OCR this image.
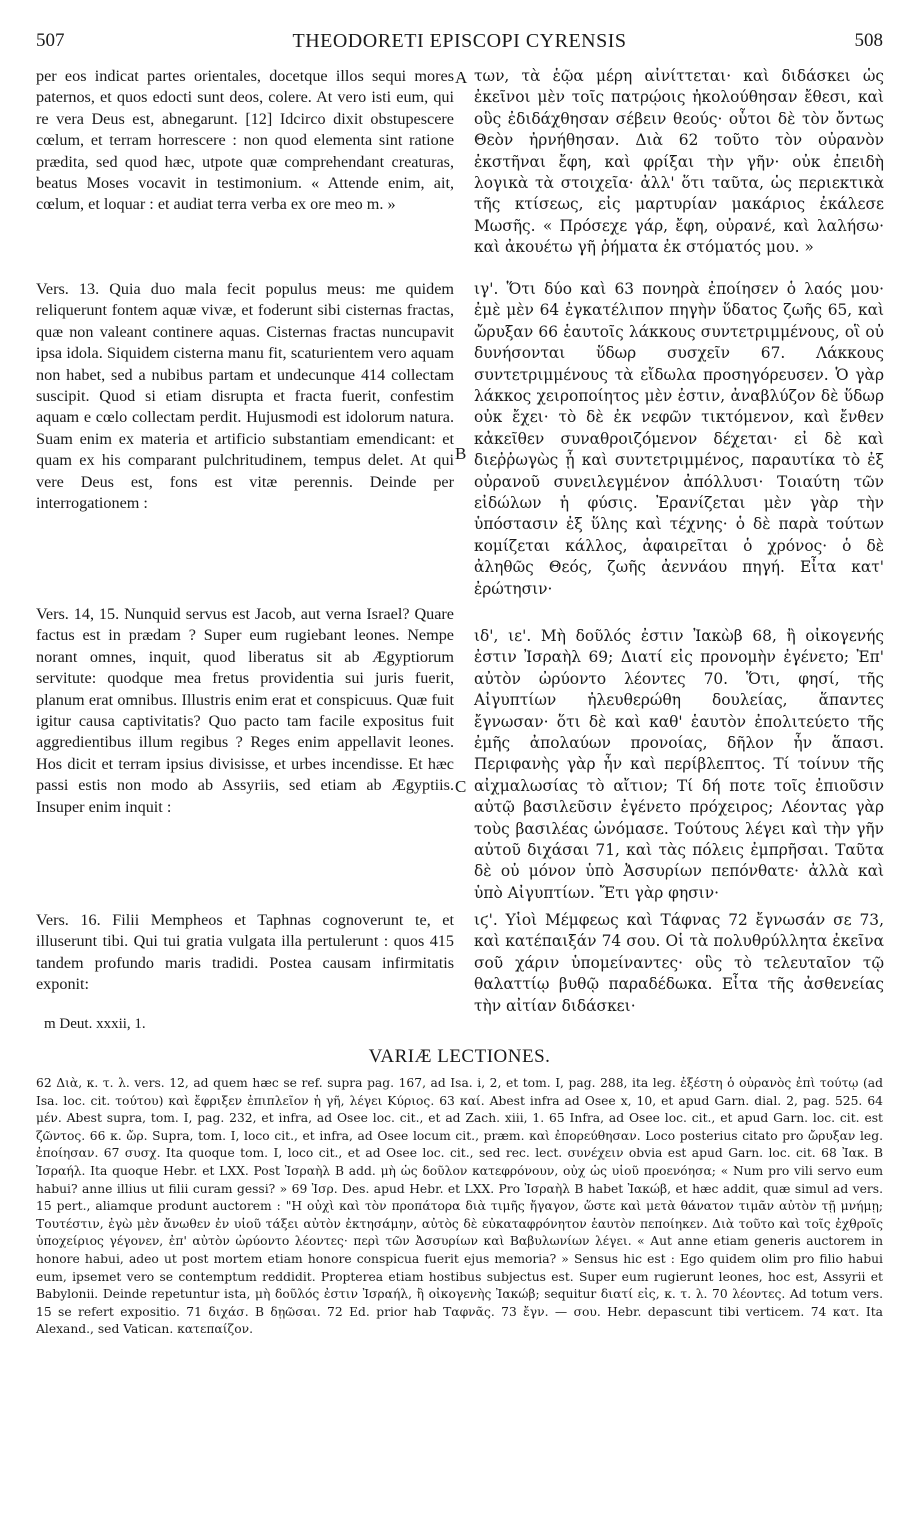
507	THEODORETI EPISCOPI CYRENSIS	508

per eos indicat partes orientales, docetque illos sequi mores paternos, et quos edocti sunt deos, colere. At vero isti eum, qui re vera Deus est, abnegarunt. [12] Idcirco dixit obstupescere cœlum, et terram horrescere : non quod elementa sint ratione prædita, sed quod hæc, utpote quæ comprehendant creaturas, beatus Moses vocavit in testimonium. « Attende enim, ait, cœlum, et loquar : et audiat terra verba ex ore meo m. »

Vers. 13. Quia duo mala fecit populus meus: me quidem reliquerunt fontem aquæ vivæ, et foderunt sibi cisternas fractas, quæ non valeant continere aquas. Cisternas fractas nuncupavit ipsa idola. Siquidem cisterna manu fit, scaturientem vero aquam non habet, sed a nubibus partam et undecunque 414 collectam suscipit. Quod si etiam disrupta et fracta fuerit, confestim aquam e cœlo collectam perdit. Hujusmodi est idolorum natura. Suam enim ex materia et artificio substantiam emendicant: et quam ex his comparant pulchritudinem, tempus delet. At qui vere Deus est, fons est vitæ perennis. Deinde per interrogationem :

Vers. 14, 15. Nunquid servus est Jacob, aut verna Israel? Quare factus est in prædam ? Super eum rugiebant leones. Nempe norant omnes, inquit, quod liberatus sit ab Ægyptiorum servitute: quodque mea fretus providentia sui juris fuerit, planum erat omnibus. Illustris enim erat et conspicuus. Quæ fuit igitur causa captivitatis? Quo pacto tam facile expositus fuit aggredientibus illum regibus ? Reges enim appellavit leones. Hos dicit et terram ipsius divisisse, et urbes incendisse. Et hæc passi estis non modo ab Assyriis, sed etiam ab Ægyptiis. Insuper enim inquit :

Vers. 16. Filii Mempheos et Taphnas cognoverunt te, et illuserunt tibi. Qui tui gratia vulgata illa pertulerunt : quos 415 tandem profundo maris tradidi. Postea causam infirmitatis exponit:

A
B
C

των, τὰ ἑῷα μέρη αἰνίττεται· καὶ διδάσκει ὡς ἐκεῖνοι μὲν τοῖς πατρῴοις ἠκολούθησαν ἔθεσι, καὶ οὓς ἐδιδάχθησαν σέβειν θεούς· οὗτοι δὲ τὸν ὄντως Θεὸν ἠρνήθησαν. Διὰ 62 τοῦτο τὸν οὐρανὸν ἐκστῆναι ἔφη, καὶ φρίξαι τὴν γῆν· οὐκ ἐπειδὴ λογικὰ τὰ στοιχεῖα· ἀλλ' ὅτι ταῦτα, ὡς περιεκτικὰ τῆς κτίσεως, εἰς μαρτυρίαν μακάριος ἐκάλεσε Μωσῆς. « Πρόσεχε γάρ, ἔφη, οὐρανέ, καὶ λαλήσω· καὶ ἀκουέτω γῆ ῥήματα ἐκ στόματός μου. »

ιγ'. Ὅτι δύο καὶ 63 πονηρὰ ἐποίησεν ὁ λαός μου· ἐμὲ μὲν 64 ἐγκατέλιπον πηγὴν ὕδατος ζωῆς 65, καὶ ὤρυξαν 66 ἑαυτοῖς λάκκους συντετριμμένους, οἳ οὐ δυνήσονται ὕδωρ συσχεῖν 67. Λάκκους συντετριμμένους τὰ εἴδωλα προσηγόρευσεν. Ὁ γὰρ λάκκος χειροποίητος μὲν ἐστιν, ἀναβλύζον δὲ ὕδωρ οὐκ ἔχει· τὸ δὲ ἐκ νεφῶν τικτόμενον, καὶ ἔνθεν κἀκεῖθεν συναθροιζόμενον δέχεται· εἰ δὲ καὶ διεῤῥωγὼς ᾖ καὶ συντετριμμένος, παραυτίκα τὸ ἐξ οὐρανοῦ συνειλεγμένον ἀπόλλυσι· Τοιαύτη τῶν εἰδώλων ἡ φύσις. Ἐρανίζεται μὲν γὰρ τὴν ὑπόστασιν ἐξ ὕλης καὶ τέχνης· ὁ δὲ παρὰ τούτων κομίζεται κάλλος, ἀφαιρεῖται ὁ χρόνος· ὁ δὲ ἀληθῶς Θεός, ζωῆς ἀεννάου πηγή. Εἶτα κατ' ἐρώτησιν·

ιδ', ιε'. Μὴ δοῦλός ἐστιν Ἰακὼβ 68, ἢ οἰκογενής ἐστιν Ἰσραὴλ 69; Διατί εἰς προνομὴν ἐγένετο; Ἐπ' αὐτὸν ὠρύοντο λέοντες 70. Ὅτι, φησί, τῆς Αἰγυπτίων ἠλευθερώθη δουλείας, ἅπαντες ἔγνωσαν· ὅτι δὲ καὶ καθ' ἑαυτὸν ἐπολιτεύετο τῆς ἐμῆς ἀπολαύων προνοίας, δῆλον ἦν ἅπασι. Περιφανὴς γὰρ ἦν καὶ περίβλεπτος. Τί τοίνυν τῆς αἰχμαλωσίας τὸ αἴτιον; Τί δή ποτε τοῖς ἐπιοῦσιν αὐτῷ βασιλεῦσιν ἐγένετο πρόχειρος; Λέοντας γὰρ τοὺς βασιλέας ὠνόμασε. Τούτους λέγει καὶ τὴν γῆν αὐτοῦ διχάσαι 71, καὶ τὰς πόλεις ἐμπρῆσαι. Ταῦτα δὲ οὐ μόνον ὑπὸ Ἀσσυρίων πεπόνθατε· ἀλλὰ καὶ ὑπὸ Αἰγυπτίων. Ἔτι γὰρ φησιν·

ιϛ'. Υἱοὶ Μέμφεως καὶ Τάφνας 72 ἔγνωσάν σε 73, καὶ κατέπαιξάν 74 σου. Οἱ τὰ πολυθρύλλητα ἐκεῖνα σοῦ χάριν ὑπομείναντες· οὓς τὸ τελευταῖον τῷ θαλαττίῳ βυθῷ παραδέδωκα. Εἶτα τῆς ἀσθενείας τὴν αἰτίαν διδάσκει·

m Deut. xxxii, 1.
VARIÆ LECTIONES.

62 Διὰ, κ. τ. λ. vers. 12, ad quem hæc se ref. supra pag. 167, ad Isa. i, 2, et tom. I, pag. 288, ita leg. ἐξέστη ὁ οὐρανὸς ἐπὶ τούτῳ (ad Isa. loc. cit. τούτου) καὶ ἔφριξεν ἐπιπλεῖον ἡ γῆ, λέγει Κύριος. 63 καί. Abest infra ad Osee x, 10, et apud Garn. dial. 2, pag. 525. 64 μέν. Abest supra, tom. I, pag. 232, et infra, ad Osee loc. cit., et ad Zach. xiii, 1. 65 Infra, ad Osee loc. cit., et apud Garn. loc. cit. est ζῶντος. 66 κ. ὤρ. Supra, tom. I, loco cit., et infra, ad Osee locum cit., præm. καὶ ἐπορεύθησαν. Loco posterius citato pro ὤρυξαν leg. ἐποίησαν. 67 συσχ. Ita quoque tom. I, loco cit., et ad Osee loc. cit., sed rec. lect. συνέχειν obvia est apud Garn. loc. cit. 68 Ἰακ. B Ἰσραήλ. Ita quoque Hebr. et LXX. Post Ἰσραὴλ B add. μὴ ὡς δοῦλον κατεφρόνουν, οὐχ ὡς υἱοῦ προενόησα; « Num pro vili servo eum habui? anne illius ut filii curam gessi? » 69 Ἰσρ. Des. apud Hebr. et LXX. Pro Ἰσραὴλ B habet Ἰακώβ, et hæc addit, quæ simul ad vers. 15 pert., aliamque produnt auctorem : "Η οὐχὶ καὶ τὸν προπάτορα διὰ τιμῆς ἤγαγον, ὥστε καὶ μετὰ θάνατον τιμᾶν αὐτὸν τῇ μνήμῃ; Τουτέστιν, ἐγὼ μὲν ἄνωθεν ἐν υἱοῦ τάξει αὐτὸν ἐκτησάμην, αὐτὸς δὲ εὐκαταφρόνητον ἑαυτὸν πεποίηκεν. Διὰ τοῦτο καὶ τοῖς ἐχθροῖς ὑποχείριος γέγονεν, ἐπ' αὐτὸν ὠρύοντο λέοντες· περὶ τῶν Ἀσσυρίων καὶ Βαβυλωνίων λέγει. « Aut anne etiam generis auctorem in honore habui, adeo ut post mortem etiam honore conspicua fuerit ejus memoria? » Sensus hic est : Ego quidem olim pro filio habui eum, ipsemet vero se contemptum reddidit. Propterea etiam hostibus subjectus est. Super eum rugierunt leones, hoc est, Assyrii et Babylonii. Deinde repetuntur ista, μὴ δοῦλός ἐστιν Ἰσραήλ, ἢ οἰκογενὴς Ἰακώβ; sequitur διατί εἰς, κ. τ. λ. 70 λέοντες. Ad totum vers. 15 se refert expositio. 71 διχάσ. B δῃῶσαι. 72 Ed. prior hab Ταφνᾶς. 73 ἔγν. — σου. Hebr. depascunt tibi verticem. 74 κατ. Ita Alexand., sed Vatican. κατεπαίζον.
